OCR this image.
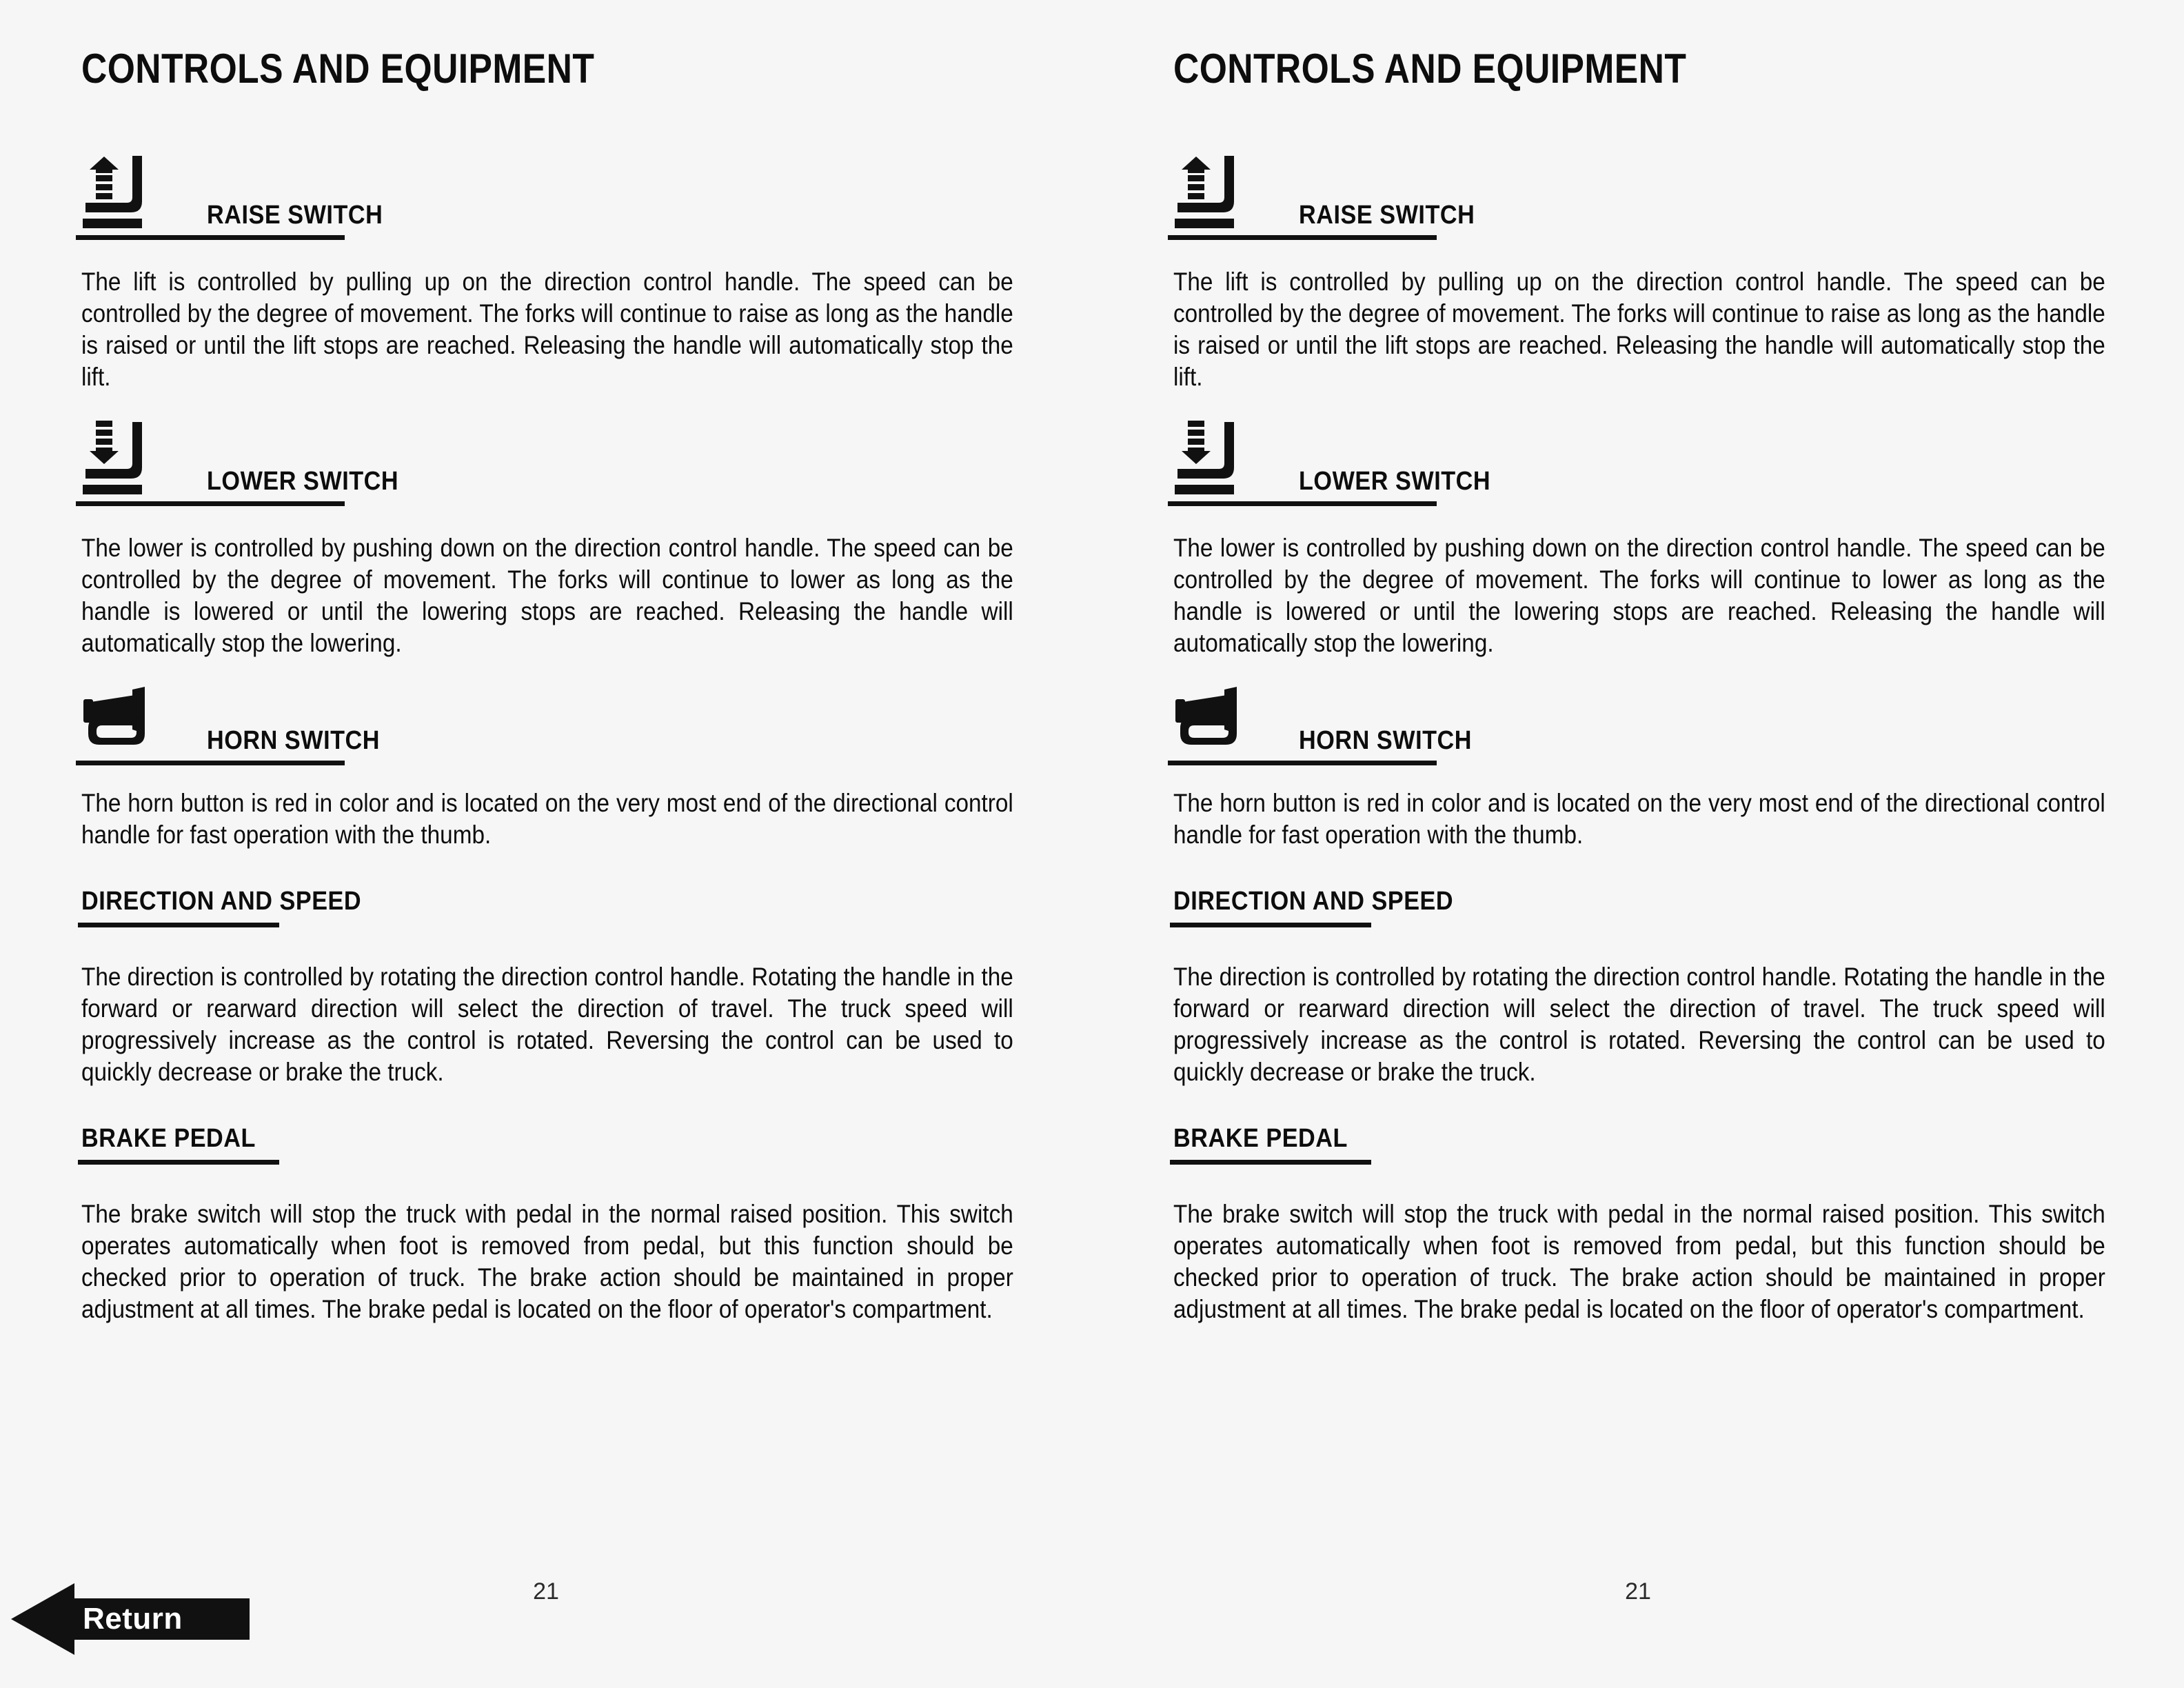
CONTROLS AND EQUIPMENT
RAISE SWITCH

The lift is controlled by pulling up on the direction control handle. The speed can be controlled by the degree of movement. The forks will continue to raise as long as the handle is raised or until the lift stops are reached. Releasing the handle will automatically stop the lift.

LOWER SWITCH

The lower is controlled by pushing down on the direction control handle. The speed can be controlled by the degree of movement. The forks will continue to lower as long as the handle is lowered or until the lowering stops are reached. Releasing the handle will automatically stop the lowering.

HORN SWITCH

The horn button is red in color and is located on the very most end of the directional control handle for fast operation with the thumb.

DIRECTION AND SPEED

The direction is controlled by rotating the direction control handle. Rotating the handle in the forward or rearward direction will select the direction of travel. The truck speed will progressively increase as the control is rotated. Reversing the control can be used to quickly decrease or brake the truck.

BRAKE PEDAL

The brake switch will stop the truck with pedal in the normal raised position. This switch operates automatically when foot is removed from pedal, but this function should be checked prior to operation of truck. The brake action should be maintained in proper adjustment at all times. The brake pedal is located on the floor of operator's compartment.

21
CONTROLS AND EQUIPMENT
RAISE SWITCH

The lift is controlled by pulling up on the direction control handle. The speed can be controlled by the degree of movement. The forks will continue to raise as long as the handle is raised or until the lift stops are reached. Releasing the handle will automatically stop the lift.

LOWER SWITCH

The lower is controlled by pushing down on the direction control handle. The speed can be controlled by the degree of movement. The forks will continue to lower as long as the handle is lowered or until the lowering stops are reached. Releasing the handle will automatically stop the lowering.

HORN SWITCH

The horn button is red in color and is located on the very most end of the directional control handle for fast operation with the thumb.

DIRECTION AND SPEED

The direction is controlled by rotating the direction control handle. Rotating the handle in the forward or rearward direction will select the direction of travel. The truck speed will progressively increase as the control is rotated. Reversing the control can be used to quickly decrease or brake the truck.

BRAKE PEDAL

The brake switch will stop the truck with pedal in the normal raised position. This switch operates automatically when foot is removed from pedal, but this function should be checked prior to operation of truck. The brake action should be maintained in proper adjustment at all times. The brake pedal is located on the floor of operator's compartment.

21
Return
